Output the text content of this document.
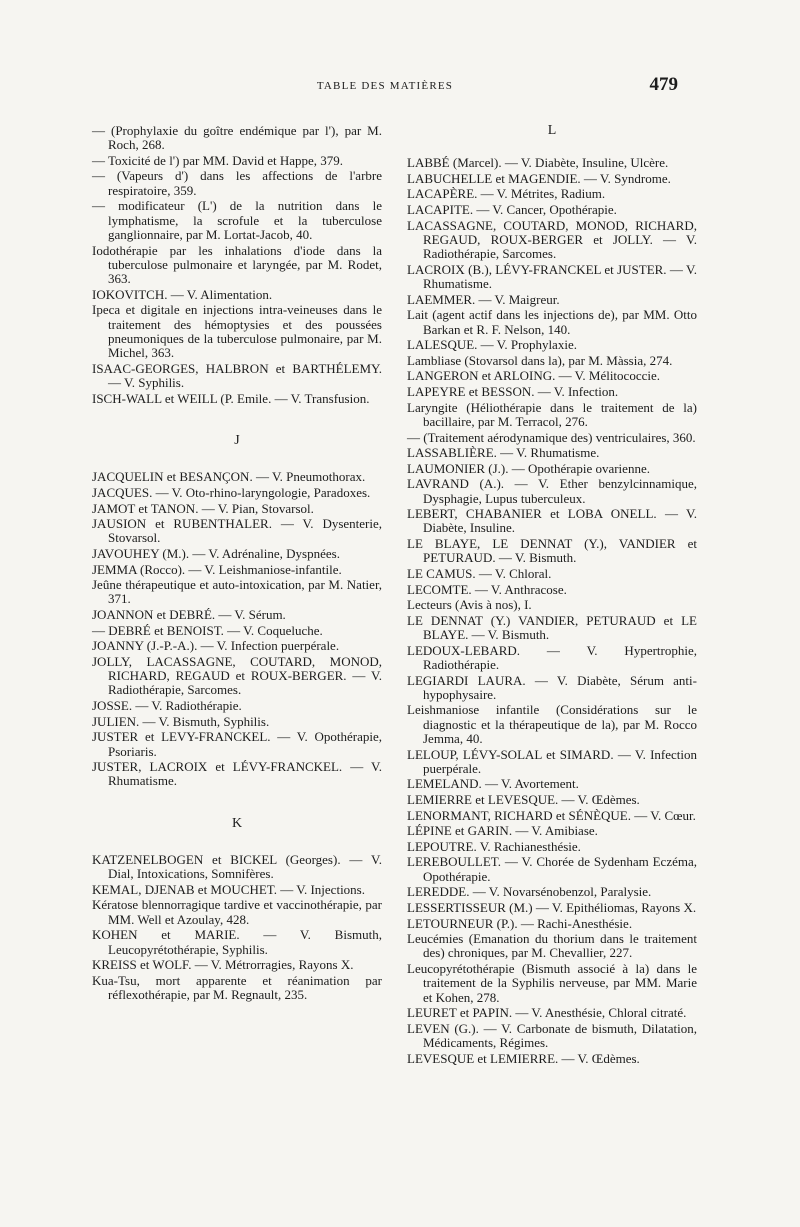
TABLE DES MATIÈRES	479

— (Prophylaxie du goître endémique par l'), par M. Roch, 268.

— Toxicité de l') par MM. David et Happe, 379.

— (Vapeurs d') dans les affections de l'arbre respiratoire, 359.

— modificateur (L') de la nutrition dans le lymphatisme, la scrofule et la tuberculose ganglionnaire, par M. Lortat-Jacob, 40.

Iodothérapie par les inhalations d'iode dans la tuberculose pulmonaire et laryngée, par M. Rodet, 363.

IOKOVITCH. — V. Alimentation.

Ipeca et digitale en injections intra-veineuses dans le traitement des hémoptysies et des poussées pneumoniques de la tuberculose pulmonaire, par M. Michel, 363.

ISAAC-GEORGES, HALBRON et BARTHÉLEMY. — V. Syphilis.

ISCH-WALL et WEILL (P. Emile. — V. Transfusion.

J

JACQUELIN et BESANÇON. — V. Pneumothorax.

JACQUES. — V. Oto-rhino-laryngologie, Paradoxes.

JAMOT et TANON. — V. Pian, Stovarsol.

JAUSION et RUBENTHALER. — V. Dysenterie, Stovarsol.

JAVOUHEY (M.). — V. Adrénaline, Dyspnées.

JEMMA (Rocco). — V. Leishmaniose-infantile.

Jeûne thérapeutique et auto-intoxication, par M. Natier, 371.

JOANNON et DEBRÉ. — V. Sérum.

— DEBRÉ et BENOIST. — V. Coqueluche.

JOANNY (J.-P.-A.). — V. Infection puerpérale.

JOLLY, LACASSAGNE, COUTARD, MONOD, RICHARD, REGAUD et ROUX-BERGER. — V. Radiothérapie, Sarcomes.

JOSSE. — V. Radiothérapie.

JULIEN. — V. Bismuth, Syphilis.

JUSTER et LEVY-FRANCKEL. — V. Opothérapie, Psoriaris.

JUSTER, LACROIX et LÉVY-FRANCKEL. — V. Rhumatisme.

K

KATZENELBOGEN et BICKEL (Georges). — V. Dial, Intoxications, Somnifères.

KEMAL, DJENAB et MOUCHET. — V. Injections.

Kératose blennorragique tardive et vaccinothérapie, par MM. Well et Azoulay, 428.

KOHEN et MARIE. — V. Bismuth, Leucopyrétothérapie, Syphilis.

KREISS et WOLF. — V. Métrorragies, Rayons X.

Kua-Tsu, mort apparente et réanimation par réflexothérapie, par M. Regnault, 235.

L

LABBÉ (Marcel). — V. Diabète, Insuline, Ulcère.

LABUCHELLE et MAGENDIE. — V. Syndrome.

LACAPÈRE. — V. Métrites, Radium.

LACAPITE. — V. Cancer, Opothérapie.

LACASSAGNE, COUTARD, MONOD, RICHARD, REGAUD, ROUX-BERGER et JOLLY. — V. Radiothérapie, Sarcomes.

LACROIX (B.), LÉVY-FRANCKEL et JUSTER. — V. Rhumatisme.

LAEMMER. — V. Maigreur.

Lait (agent actif dans les injections de), par MM. Otto Barkan et R. F. Nelson, 140.

LALESQUE. — V. Prophylaxie.

Lambliase (Stovarsol dans la), par M. Màssia, 274.

LANGERON et ARLOING. — V. Mélitococcie.

LAPEYRE et BESSON. — V. Infection.

Laryngite (Héliothérapie dans le traitement de la) bacillaire, par M. Terracol, 276.

— (Traitement aérodynamique des) ventriculaires, 360.

LASSABLIÈRE. — V. Rhumatisme.

LAUMONIER (J.). — Opothérapie ovarienne.

LAVRAND (A.). — V. Ether benzylcinnamique, Dysphagie, Lupus tuberculeux.

LEBERT, CHABANIER et LOBA ONELL. — V. Diabète, Insuline.

LE BLAYE, LE DENNAT (Y.), VANDIER et PETURAUD. — V. Bismuth.

LE CAMUS. — V. Chloral.

LECOMTE. — V. Anthracose.

Lecteurs (Avis à nos), I.

LE DENNAT (Y.) VANDIER, PETURAUD et LE BLAYE. — V. Bismuth.

LEDOUX-LEBARD. — V. Hypertrophie, Radiothérapie.

LEGIARDI LAURA. — V. Diabète, Sérum anti-hypophysaire.

Leishmaniose infantile (Considérations sur le diagnostic et la thérapeutique de la), par M. Rocco Jemma, 40.

LELOUP, LÉVY-SOLAL et SIMARD. — V. Infection puerpérale.

LEMELAND. — V. Avortement.

LEMIERRE et LEVESQUE. — V. Œdèmes.

LENORMANT, RICHARD et SÉNÈQUE. — V. Cœur.

LÉPINE et GARIN. — V. Amibiase.

LEPOUTRE. V. Rachianesthésie.

LEREBOULLET. — V. Chorée de Sydenham Eczéma, Opothérapie.

LEREDDE. — V. Novarsénobenzol, Paralysie.

LESSERTISSEUR (M.) — V. Epithéliomas, Rayons X.

LETOURNEUR (P.). — Rachi-Anesthésie.

Leucémies (Emanation du thorium dans le traitement des) chroniques, par M. Chevallier, 227.

Leucopyrétothérapie (Bismuth associé à la) dans le traitement de la Syphilis nerveuse, par MM. Marie et Kohen, 278.

LEURET et PAPIN. — V. Anesthésie, Chloral citraté.

LEVEN (G.). — V. Carbonate de bismuth, Dilatation, Médicaments, Régimes.

LEVESQUE et LEMIERRE. — V. Œdèmes.
